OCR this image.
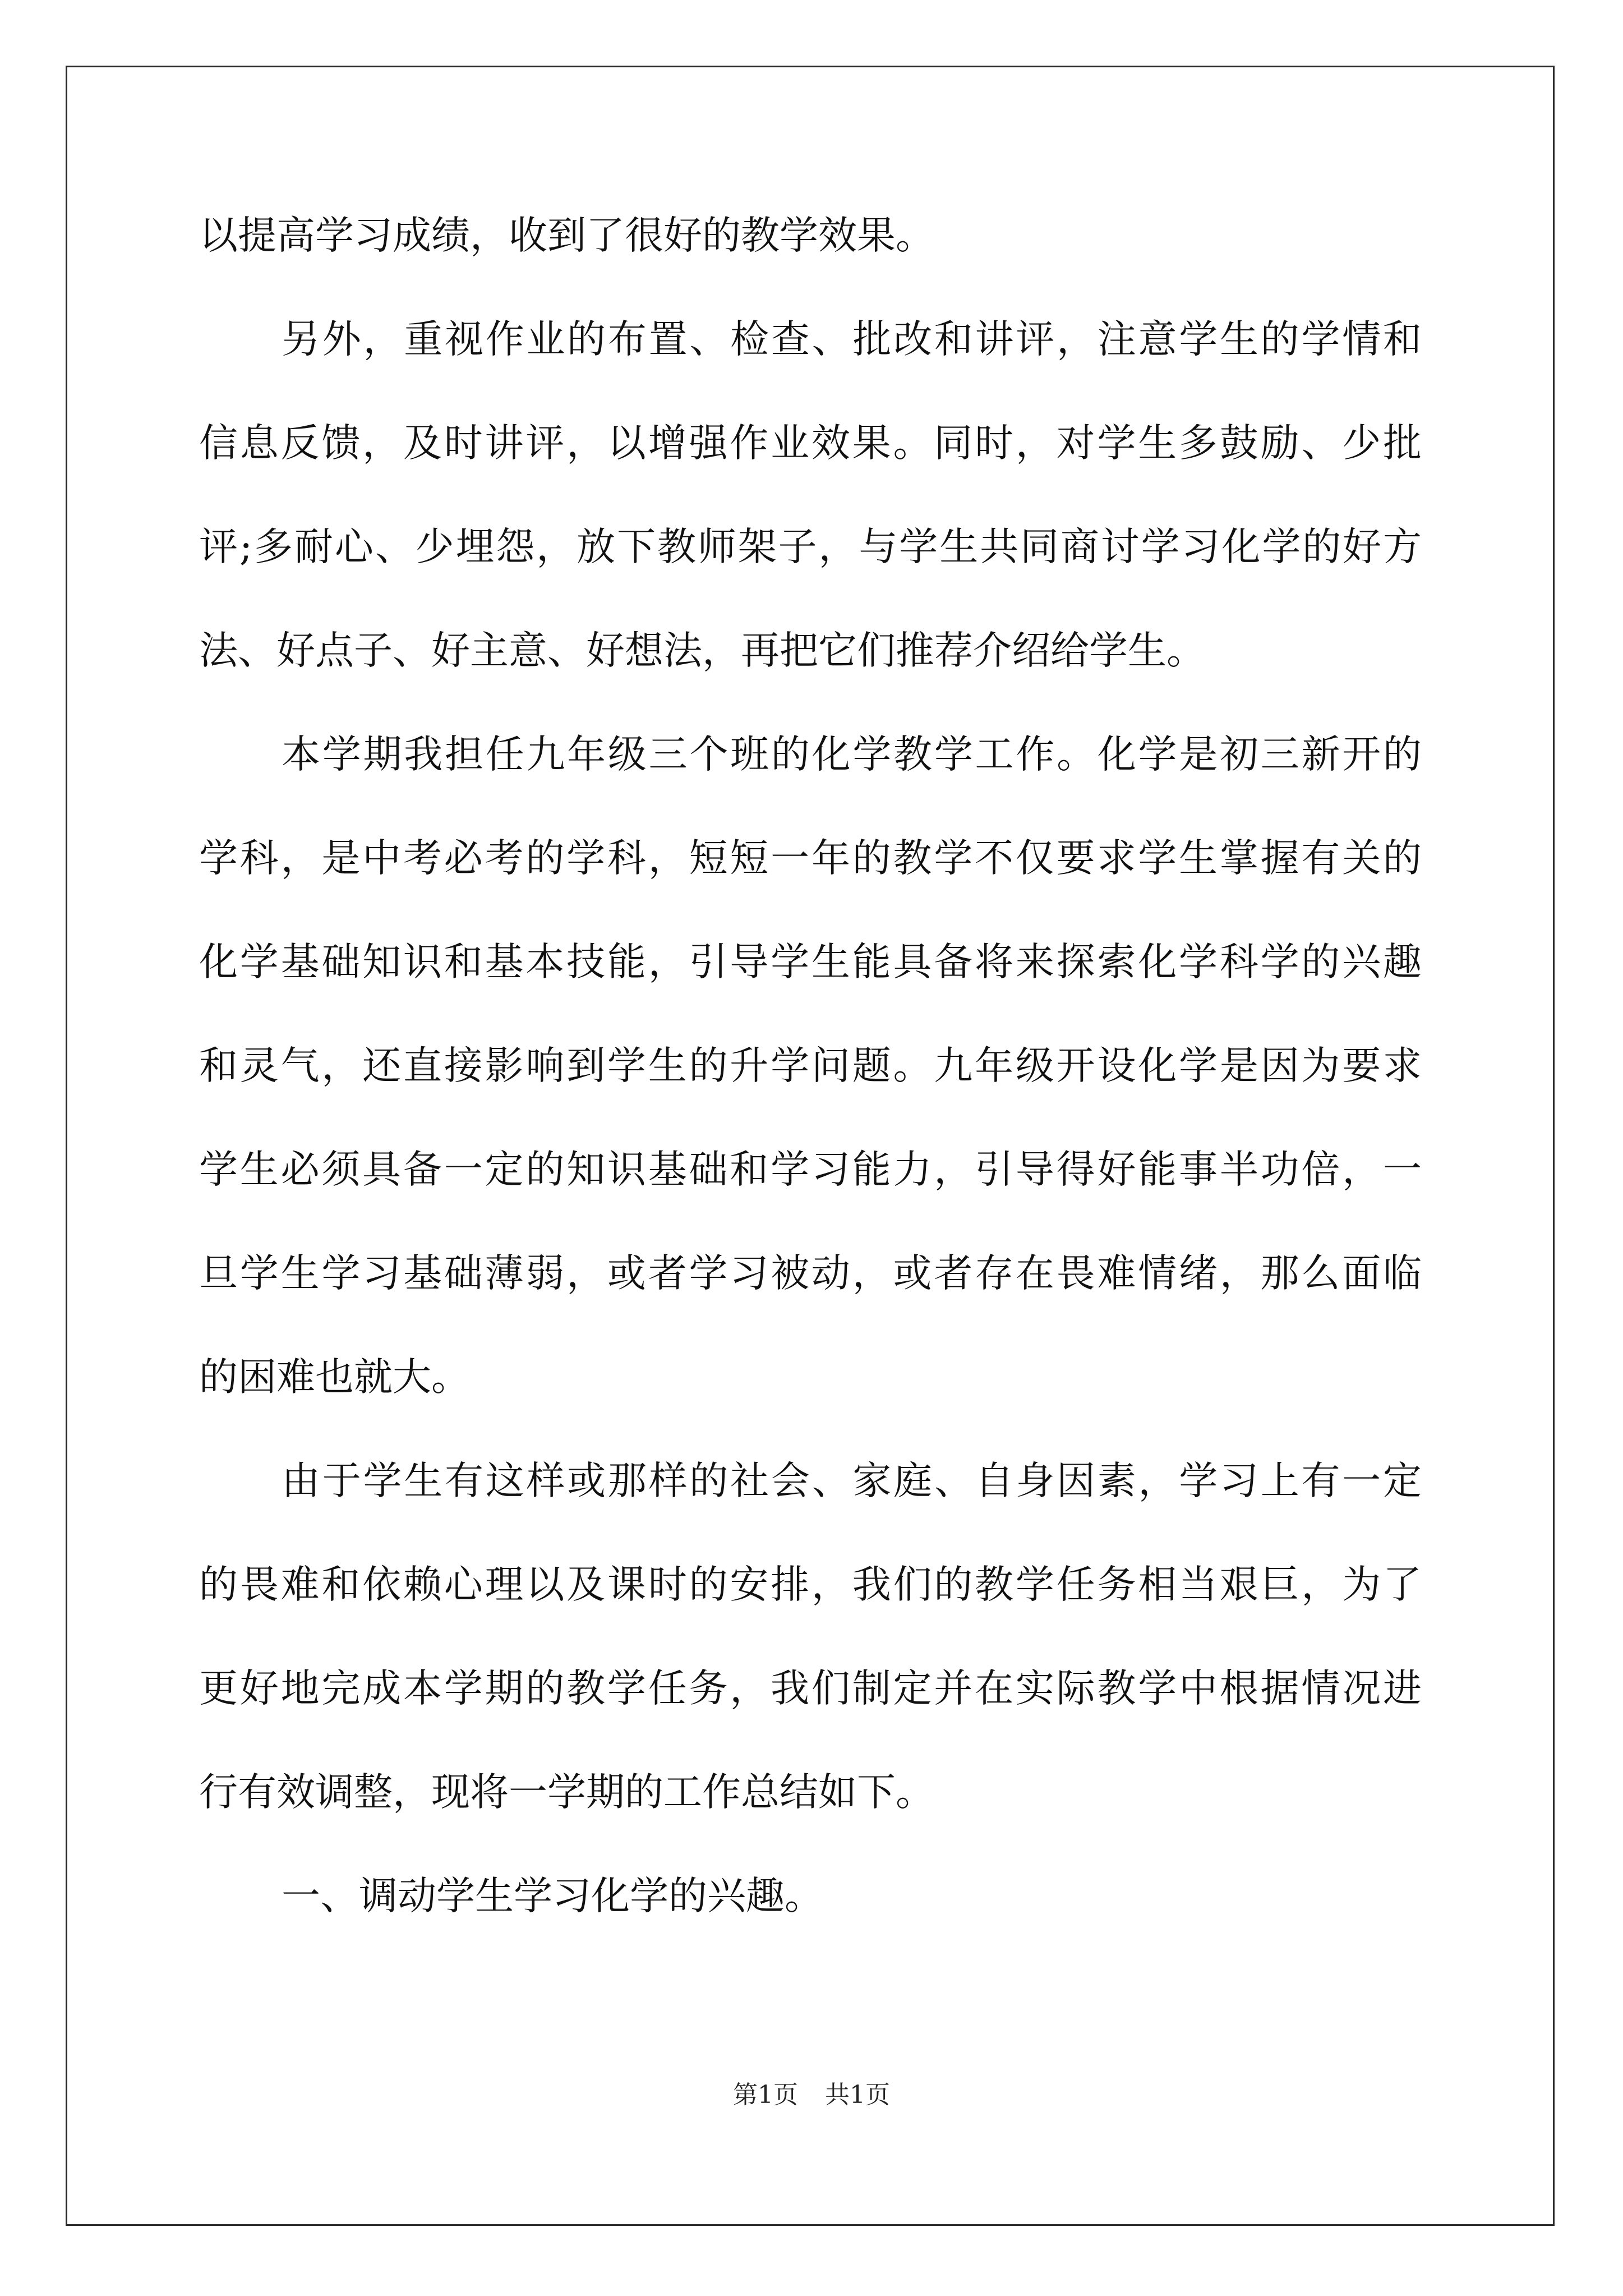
以提高学习成绩，收到了很好的教学效果。
另外，重视作业的布置、检查、批改和讲评，注意学生的学情和
信息反馈，及时讲评，以增强作业效果。同时，对学生多鼓励、少批
评;多耐心、少埋怨，放下教师架子，与学生共同商讨学习化学的好方
法、好点子、好主意、好想法，再把它们推荐介绍给学生。
本学期我担任九年级三个班的化学教学工作。化学是初三新开的
学科，是中考必考的学科，短短一年的教学不仅要求学生掌握有关的
化学基础知识和基本技能，引导学生能具备将来探索化学科学的兴趣
和灵气，还直接影响到学生的升学问题。九年级开设化学是因为要求
学生必须具备一定的知识基础和学习能力，引导得好能事半功倍，一
旦学生学习基础薄弱，或者学习被动，或者存在畏难情绪，那么面临
的困难也就大。
由于学生有这样或那样的社会、家庭、自身因素，学习上有一定
的畏难和依赖心理以及课时的安排，我们的教学任务相当艰巨，为了
更好地完成本学期的教学任务，我们制定并在实际教学中根据情况进
行有效调整，现将一学期的工作总结如下。
一、调动学生学习化学的兴趣。
第1页 共1页
